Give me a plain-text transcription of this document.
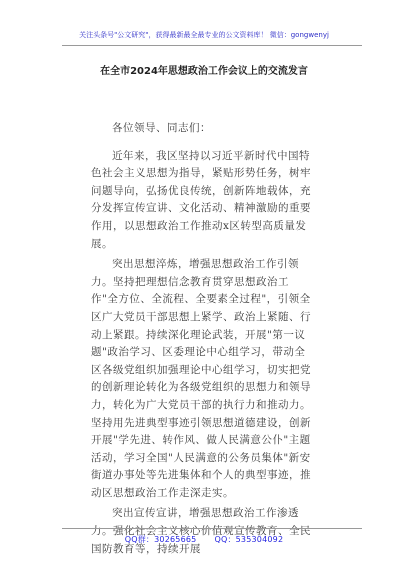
关注头条号"公文研究"，获得最新最全最专业的公文资料库！ 微信：gongwenyj
在全市2024年思想政治工作会议上的交流发言

各位领导、同志们：

近年来，我区坚持以习近平新时代中国特色社会主义思想为指导，紧贴形势任务，树牢问题导向，弘扬优良传统，创新阵地载体，充分发挥宣传宣讲、文化活动、精神激励的重要作用，以思想政治工作推动x区转型高质量发展。

突出思想淬炼，增强思想政治工作引领力。坚持把理想信念教育贯穿思想政治工作"全方位、全流程、全要素全过程"，引领全区广大党员干部思想上紧学、政治上紧随、行动上紧跟。持续深化理论武装，开展"第一议题"政治学习、区委理论中心组学习，带动全区各级党组织加强理论中心组学习，切实把党的创新理论转化为各级党组织的思想力和领导力，转化为广大党员干部的执行力和推动力。坚持用先进典型事迹引领思想道德建设，创新开展"学先进、转作风、做人民满意公仆"主题活动，学习全国"人民满意的公务员集体"新安街道办事处等先进集体和个人的典型事迹，推动区思想政治工作走深走实。

突出宣传宣讲，增强思想政治工作渗透力。强化社会主义核心价值观宣传教育、全民国防教育等，持续开展

QQ群：30265665 QQ：535304092
